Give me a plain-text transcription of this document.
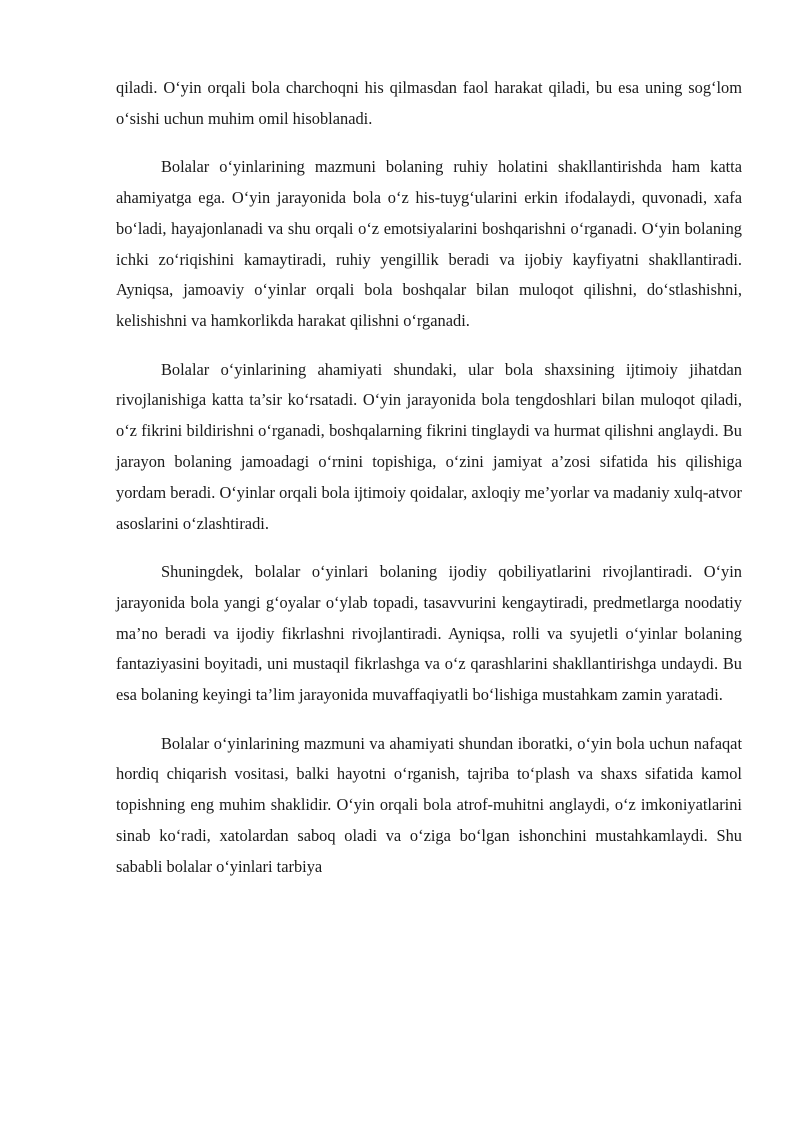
qiladi. O‘yin orqali bola charchoqni his qilmasdan faol harakat qiladi, bu esa uning sog‘lom o‘sishi uchun muhim omil hisoblanadi.

Bolalar o‘yinlarining mazmuni bolaning ruhiy holatini shakllantirishda ham katta ahamiyatga ega. O‘yin jarayonida bola o‘z his-tuyg‘ularini erkin ifodalaydi, quvonadi, xafa bo‘ladi, hayajonlanadi va shu orqali o‘z emotsiyalarini boshqarishni o‘rganadi. O‘yin bolaning ichki zo‘riqishini kamaytiradi, ruhiy yengillik beradi va ijobiy kayfiyatni shakllantiradi. Ayniqsa, jamoaviy o‘yinlar orqali bola boshqalar bilan muloqot qilishni, do‘stlashishni, kelishishni va hamkorlikda harakat qilishni o‘rganadi.

Bolalar o‘yinlarining ahamiyati shundaki, ular bola shaxsining ijtimoiy jihatdan rivojlanishiga katta ta’sir ko‘rsatadi. O‘yin jarayonida bola tengdoshlari bilan muloqot qiladi, o‘z fikrini bildirishni o‘rganadi, boshqalarning fikrini tinglaydi va hurmat qilishni anglaydi. Bu jarayon bolaning jamoadagi o‘rnini topishiga, o‘zini jamiyat a’zosi sifatida his qilishiga yordam beradi. O‘yinlar orqali bola ijtimoiy qoidalar, axloqiy me’yorlar va madaniy xulq-atvor asoslarini o‘zlashtiradi.

Shuningdek, bolalar o‘yinlari bolaning ijodiy qobiliyatlarini rivojlantiradi. O‘yin jarayonida bola yangi g‘oyalar o‘ylab topadi, tasavvurini kengaytiradi, predmetlarga noodatiy ma’no beradi va ijodiy fikrlashni rivojlantiradi. Ayniqsa, rolli va syujetli o‘yinlar bolaning fantaziyasini boyitadi, uni mustaqil fikrlashga va o‘z qarashlarini shakllantirishga undaydi. Bu esa bolaning keyingi ta’lim jarayonida muvaffaqiyatli bo‘lishiga mustahkam zamin yaratadi.

Bolalar o‘yinlarining mazmuni va ahamiyati shundan iboratki, o‘yin bola uchun nafaqat hordiq chiqarish vositasi, balki hayotni o‘rganish, tajriba to‘plash va shaxs sifatida kamol topishning eng muhim shaklidir. O‘yin orqali bola atrof-muhitni anglaydi, o‘z imkoniyatlarini sinab ko‘radi, xatolardan saboq oladi va o‘ziga bo‘lgan ishonchini mustahkamlaydi. Shu sababli bolalar o‘yinlari tarbiya
